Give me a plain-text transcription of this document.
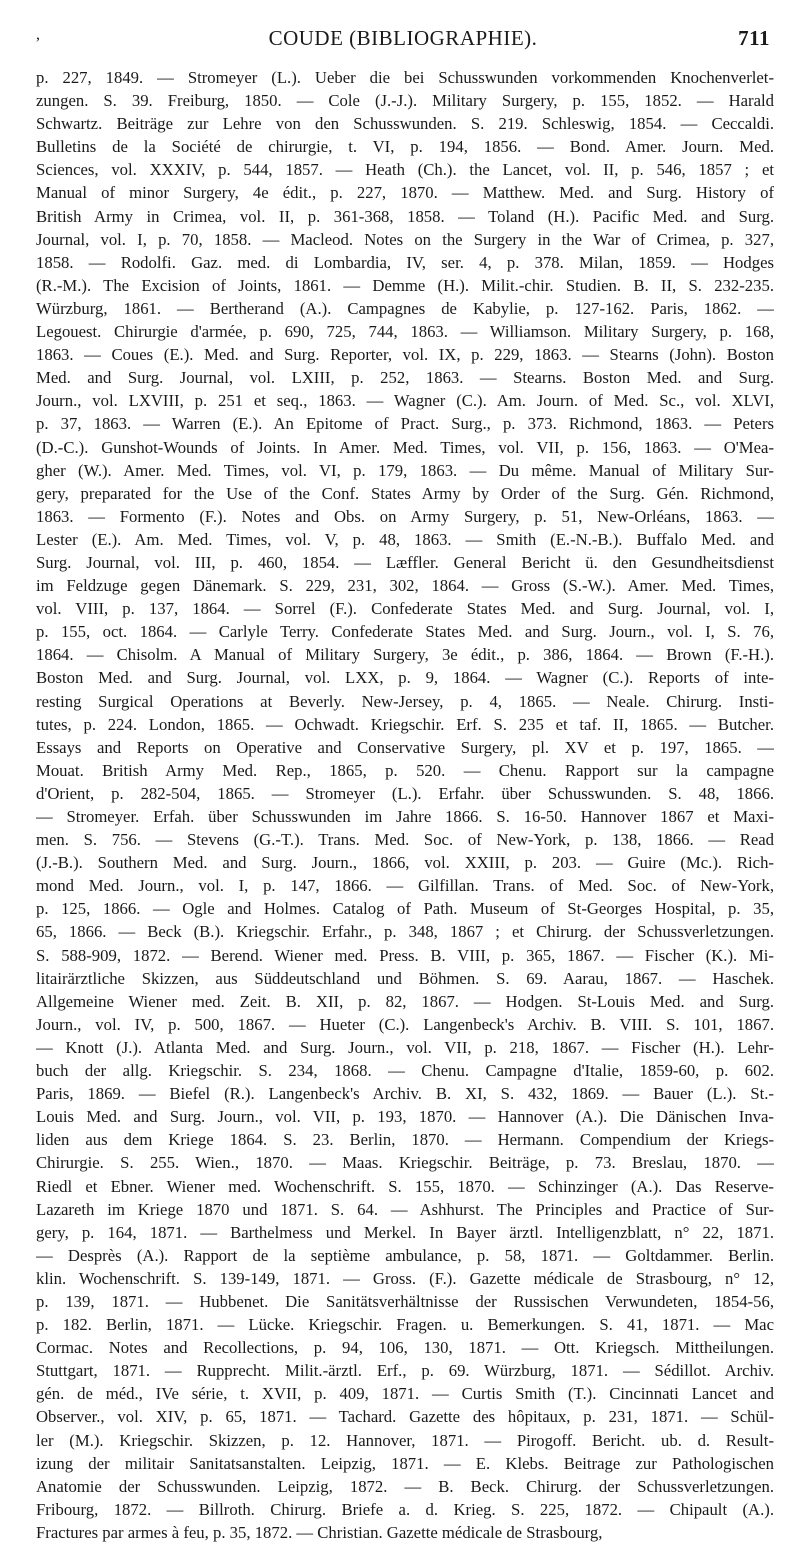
,	COUDE (BIBLIOGRAPHIE).	711
p. 227, 1849. — Stromeyer (L.). Ueber die bei Schusswunden vorkommenden Knochenverlet-
zungen. S. 39. Freiburg, 1850. — Cole (J.-J.). Military Surgery, p. 155, 1852. — Harald
Schwartz. Beiträge zur Lehre von den Schusswunden. S. 219. Schleswig, 1854. — Ceccaldi.
Bulletins de la Société de chirurgie, t. VI, p. 194, 1856. — Bond. Amer. Journ. Med.
Sciences, vol. XXXIV, p. 544, 1857. — Heath (Ch.). the Lancet, vol. II, p. 546, 1857 ; et
Manual of minor Surgery, 4e édit., p. 227, 1870. — Matthew. Med. and Surg. History of
British Army in Crimea, vol. II, p. 361-368, 1858. — Toland (H.). Pacific Med. and Surg.
Journal, vol. I, p. 70, 1858. — Macleod. Notes on the Surgery in the War of Crimea, p. 327,
1858. — Rodolfi. Gaz. med. di Lombardia, IV, ser. 4, p. 378. Milan, 1859. — Hodges
(R.-M.). The Excision of Joints, 1861. — Demme (H.). Milit.-chir. Studien. B. II, S. 232-235.
Würzburg, 1861. — Bertherand (A.). Campagnes de Kabylie, p. 127-162. Paris, 1862. —
Legouest. Chirurgie d'armée, p. 690, 725, 744, 1863. — Williamson. Military Surgery, p. 168,
1863. — Coues (E.). Med. and Surg. Reporter, vol. IX, p. 229, 1863. — Stearns (John). Boston
Med. and Surg. Journal, vol. LXIII, p. 252, 1863. — Stearns. Boston Med. and Surg.
Journ., vol. LXVIII, p. 251 et seq., 1863. — Wagner (C.). Am. Journ. of Med. Sc., vol. XLVI,
p. 37, 1863. — Warren (E.). An Epitome of Pract. Surg., p. 373. Richmond, 1863. — Peters
(D.-C.). Gunshot-Wounds of Joints. In Amer. Med. Times, vol. VII, p. 156, 1863. — O'Mea-
gher (W.). Amer. Med. Times, vol. VI, p. 179, 1863. — Du même. Manual of Military Sur-
gery, preparated for the Use of the Conf. States Army by Order of the Surg. Gén. Richmond,
1863. — Formento (F.). Notes and Obs. on Army Surgery, p. 51, New-Orléans, 1863. —
Lester (E.). Am. Med. Times, vol. V, p. 48, 1863. — Smith (E.-N.-B.). Buffalo Med. and
Surg. Journal, vol. III, p. 460, 1854. — Læffler. General Bericht ü. den Gesundheitsdienst
im Feldzuge gegen Dänemark. S. 229, 231, 302, 1864. — Gross (S.-W.). Amer. Med. Times,
vol. VIII, p. 137, 1864. — Sorrel (F.). Confederate States Med. and Surg. Journal, vol. I,
p. 155, oct. 1864. — Carlyle Terry. Confederate States Med. and Surg. Journ., vol. I, S. 76,
1864. — Chisolm. A Manual of Military Surgery, 3e édit., p. 386, 1864. — Brown (F.-H.).
Boston Med. and Surg. Journal, vol. LXX, p. 9, 1864. — Wagner (C.). Reports of inte-
resting Surgical Operations at Beverly. New-Jersey, p. 4, 1865. — Neale. Chirurg. Insti-
tutes, p. 224. London, 1865. — Ochwadt. Kriegschir. Erf. S. 235 et taf. II, 1865. — Butcher.
Essays and Reports on Operative and Conservative Surgery, pl. XV et p. 197, 1865. —
Mouat. British Army Med. Rep., 1865, p. 520. — Chenu. Rapport sur la campagne
d'Orient, p. 282-504, 1865. — Stromeyer (L.). Erfahr. über Schusswunden. S. 48, 1866.
— Stromeyer. Erfah. über Schusswunden im Jahre 1866. S. 16-50. Hannover 1867 et Maxi-
men. S. 756. — Stevens (G.-T.). Trans. Med. Soc. of New-York, p. 138, 1866. — Read
(J.-B.). Southern Med. and Surg. Journ., 1866, vol. XXIII, p. 203. — Guire (Mc.). Rich-
mond Med. Journ., vol. I, p. 147, 1866. — Gilfillan. Trans. of Med. Soc. of New-York,
p. 125, 1866. — Ogle and Holmes. Catalog of Path. Museum of St-Georges Hospital, p. 35,
65, 1866. — Beck (B.). Kriegschir. Erfahr., p. 348, 1867 ; et Chirurg. der Schussverletzungen.
S. 588-909, 1872. — Berend. Wiener med. Press. B. VIII, p. 365, 1867. — Fischer (K.). Mi-
litairärztliche Skizzen, aus Süddeutschland und Böhmen. S. 69. Aarau, 1867. — Haschek.
Allgemeine Wiener med. Zeit. B. XII, p. 82, 1867. — Hodgen. St-Louis Med. and Surg.
Journ., vol. IV, p. 500, 1867. — Hueter (C.). Langenbeck's Archiv. B. VIII. S. 101, 1867.
— Knott (J.). Atlanta Med. and Surg. Journ., vol. VII, p. 218, 1867. — Fischer (H.). Lehr-
buch der allg. Kriegschir. S. 234, 1868. — Chenu. Campagne d'Italie, 1859-60, p. 602.
Paris, 1869. — Biefel (R.). Langenbeck's Archiv. B. XI, S. 432, 1869. — Bauer (L.). St.-
Louis Med. and Surg. Journ., vol. VII, p. 193, 1870. — Hannover (A.). Die Dänischen Inva-
liden aus dem Kriege 1864. S. 23. Berlin, 1870. — Hermann. Compendium der Kriegs-
Chirurgie. S. 255. Wien., 1870. — Maas. Kriegschir. Beiträge, p. 73. Breslau, 1870. —
Riedl et Ebner. Wiener med. Wochenschrift. S. 155, 1870. — Schinzinger (A.). Das Reserve-
Lazareth im Kriege 1870 und 1871. S. 64. — Ashhurst. The Principles and Practice of Sur-
gery, p. 164, 1871. — Barthelmess und Merkel. In Bayer ärztl. Intelligenzblatt, n° 22, 1871.
— Desprès (A.). Rapport de la septième ambulance, p. 58, 1871. — Goltdammer. Berlin.
klin. Wochenschrift. S. 139-149, 1871. — Gross. (F.). Gazette médicale de Strasbourg, n° 12,
p. 139, 1871. — Hubbenet. Die Sanitätsverhältnisse der Russischen Verwundeten, 1854-56,
p. 182. Berlin, 1871. — Lücke. Kriegschir. Fragen. u. Bemerkungen. S. 41, 1871. — Mac
Cormac. Notes and Recollections, p. 94, 106, 130, 1871. — Ott. Kriegsch. Mittheilungen.
Stuttgart, 1871. — Rupprecht. Milit.-ärztl. Erf., p. 69. Würzburg, 1871. — Sédillot. Archiv.
gén. de méd., IVe série, t. XVII, p. 409, 1871. — Curtis Smith (T.). Cincinnati Lancet and
Observer., vol. XIV, p. 65, 1871. — Tachard. Gazette des hôpitaux, p. 231, 1871. — Schül-
ler (M.). Kriegschir. Skizzen, p. 12. Hannover, 1871. — Pirogoff. Bericht. ub. d. Result-
izung der militair Sanitatsanstalten. Leipzig, 1871. — E. Klebs. Beitrage zur Pathologischen
Anatomie der Schusswunden. Leipzig, 1872. — B. Beck. Chirurg. der Schussverletzungen.
Fribourg, 1872. — Billroth. Chirurg. Briefe a. d. Krieg. S. 225, 1872. — Chipault (A.).
Fractures par armes à feu, p. 35, 1872. — Christian. Gazette médicale de Strasbourg,
